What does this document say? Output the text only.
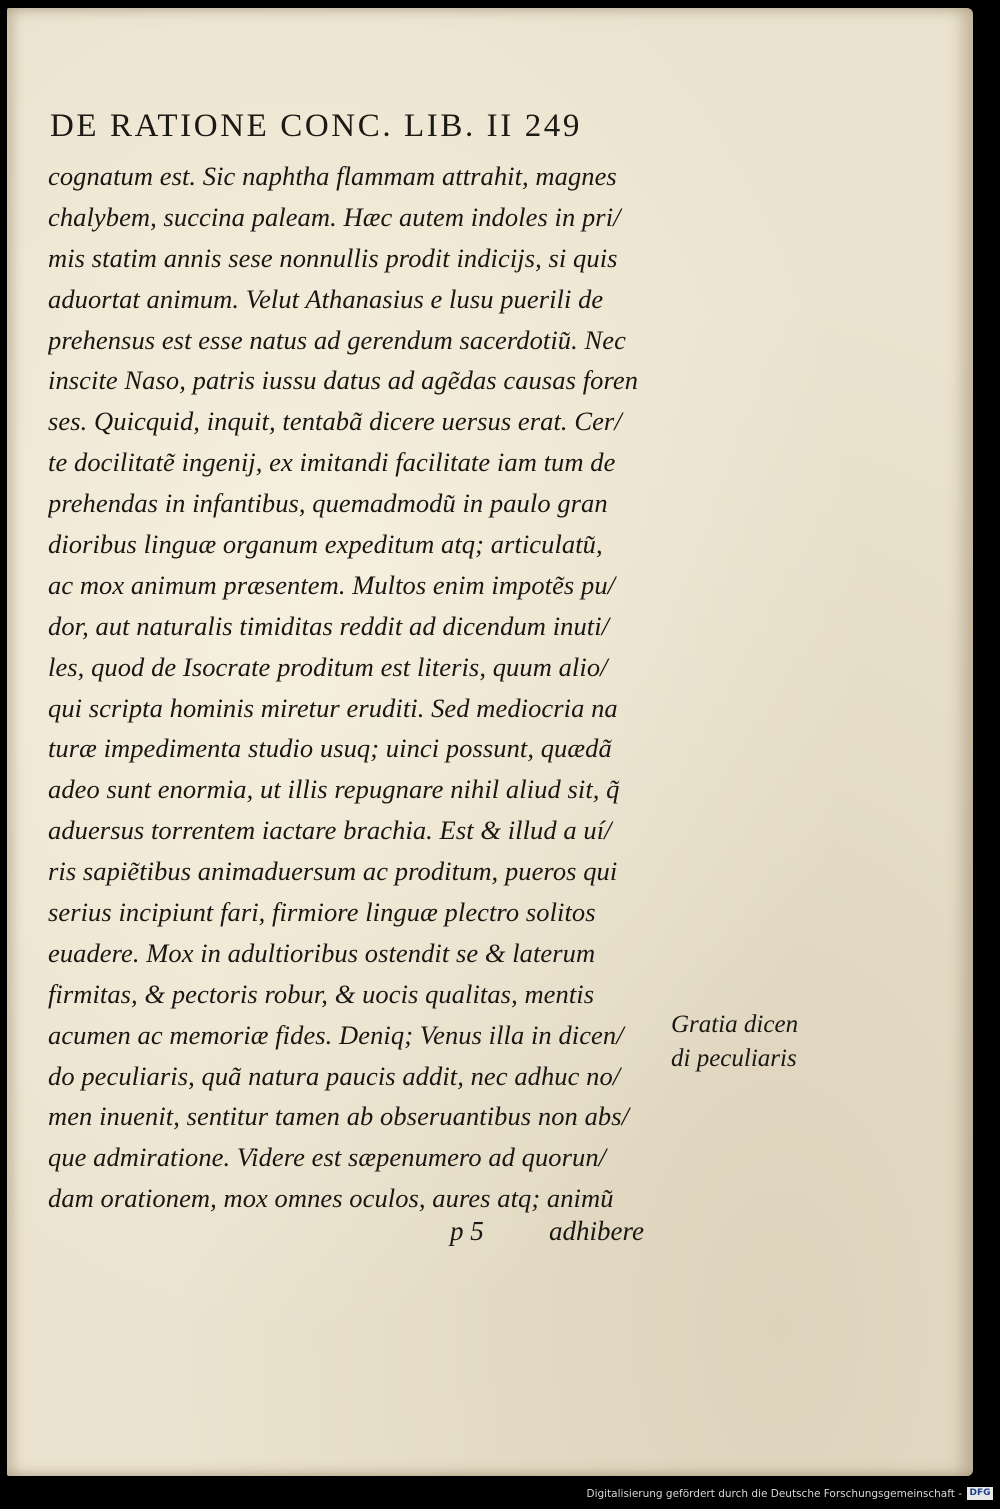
DE RATIONE CONC. LIB. II 249
cognatum est. Sic naphtha flammam attrahit, magnes
chalybem, succina paleam. Hæc autem indoles in pri/
mis statim annis sese nonnullis prodit indicijs, si quis
aduortat animum. Velut Athanasius e lusu puerili de
prehensus est esse natus ad gerendum sacerdotiu͂. Nec
inscite Naso, patris iussu datus ad age͂das causas foren
ses. Quicquid, inquit, tentaba͂ dicere uersus erat. Cer/
te docilitate͂ ingenij, ex imitandi facilitate iam tum de
prehendas in infantibus, quemadmodu͂ in paulo gran
dioribus linguæ organum expeditum atq; articulatu͂,
ac mox animum præsentem. Multos enim impote͂s pu/
dor, aut naturalis timiditas reddit ad dicendum inuti/
les, quod de Isocrate proditum est literis, quum alio/
qui scripta hominis miretur eruditi. Sed mediocria na
turæ impedimenta studio usuq; uinci possunt, quæda͂
adeo sunt enormia, ut illis repugnare nihil aliud sit, q̃
aduersus torrentem iactare brachia. Est & illud a uí/
ris sapie͂tibus animaduersum ac proditum, pueros qui
serius incipiunt fari, firmiore linguæ plectro solitos
euadere. Mox in adultioribus ostendit se & laterum
firmitas, & pectoris robur, & uocis qualitas, mentis
acumen ac memoriæ fides. Deniq; Venus illa in dicen/
do peculiaris, qua͂ natura paucis addit, nec adhuc no/
men inuenit, sentitur tamen ab obseruantibus non abs/
que admiratione. Videre est sæpenumero ad quorun/
dam orationem, mox omnes oculos, aures atq; animu͂
Gratia dicen
di peculiaris
p 5 adhibere
Digitalisierung gefördert durch die Deutsche Forschungsgemeinschaft - DFG
